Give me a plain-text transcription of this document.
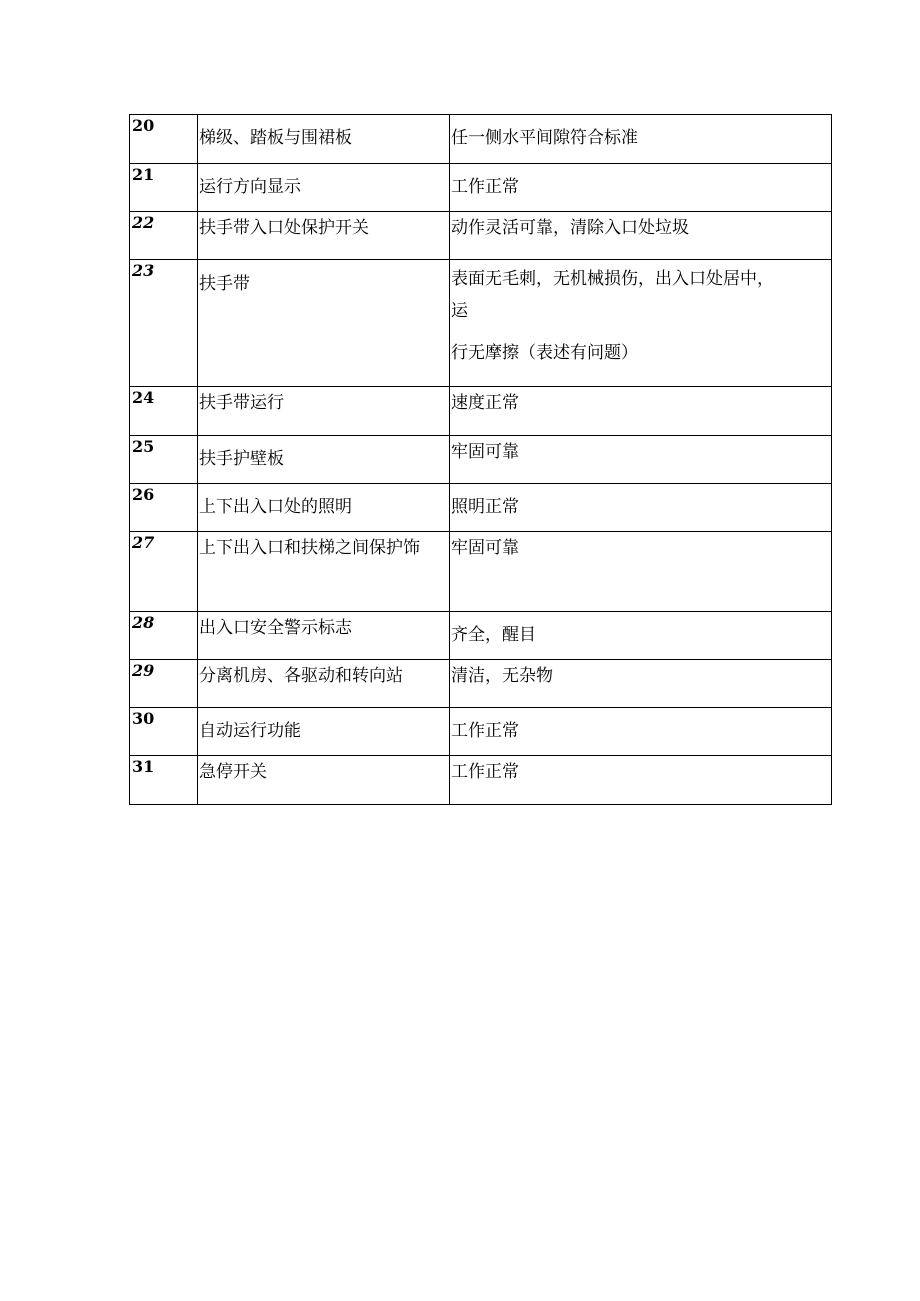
20	梯级、踏板与围裙板	任一侧水平间隙符合标准

21	运行方向显示	工作正常

22	扶手带入口处保护开关	动作灵活可靠，清除入口处垃圾

23	扶手带	表面无毛刺，无机械损伤，出入口处居中，
运
行无摩擦（表述有问题）

24	扶手带运行	速度正常

25	扶手护壁板	牢固可靠

26	上下出入口处的照明	照明正常

27	上下出入口和扶梯之间保护饰	牢固可靠

28	出入口安全警示标志	齐全，醒目

29	分离机房、各驱动和转向站	清洁，无杂物

30	自动运行功能	工作正常

31	急停开关	工作正常
